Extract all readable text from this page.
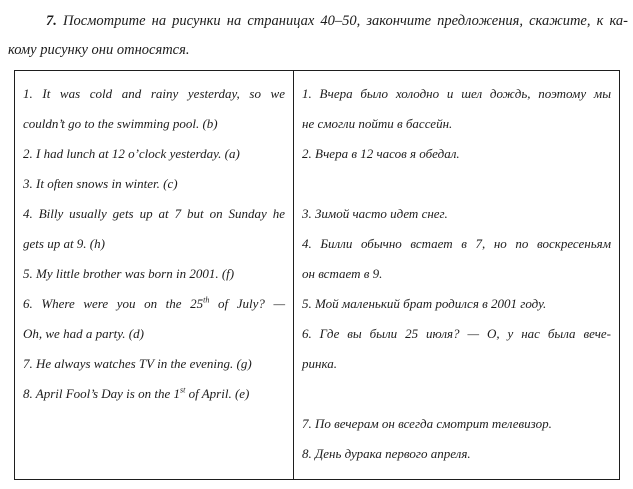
7. Посмотрите на рисунки на страницах 40–50, закончите предложения, скажите, к ка-
кому рисунку они относятся.
1. It was cold and rainy yesterday, so we
couldn’t go to the swimming pool. (b)
2. I had lunch at 12 o’clock yesterday. (a)
3. It often snows in winter. (c)
4. Billy usually gets up at 7 but on Sunday he
gets up at 9. (h)
5. My little brother was born in 2001. (f)
6. Where were you on the 25th of July? —
Oh, we had a party. (d)
7. He always watches TV in the evening. (g)
8. April Fool’s Day is on the 1st of April. (e)
1. Вчера было холодно и шел дождь, поэтому мы
не смогли пойти в бассейн.
2. Вчера в 12 часов я обедал.

3. Зимой часто идет снег.
4. Билли обычно встает в 7, но по воскресеньям
он встает в 9.
5. Мой маленький брат родился в 2001 году.
6. Где вы были 25 июля? — О, у нас была вече-
ринка.

7. По вечерам он всегда смотрит телевизор.
8. День дурака первого апреля.
